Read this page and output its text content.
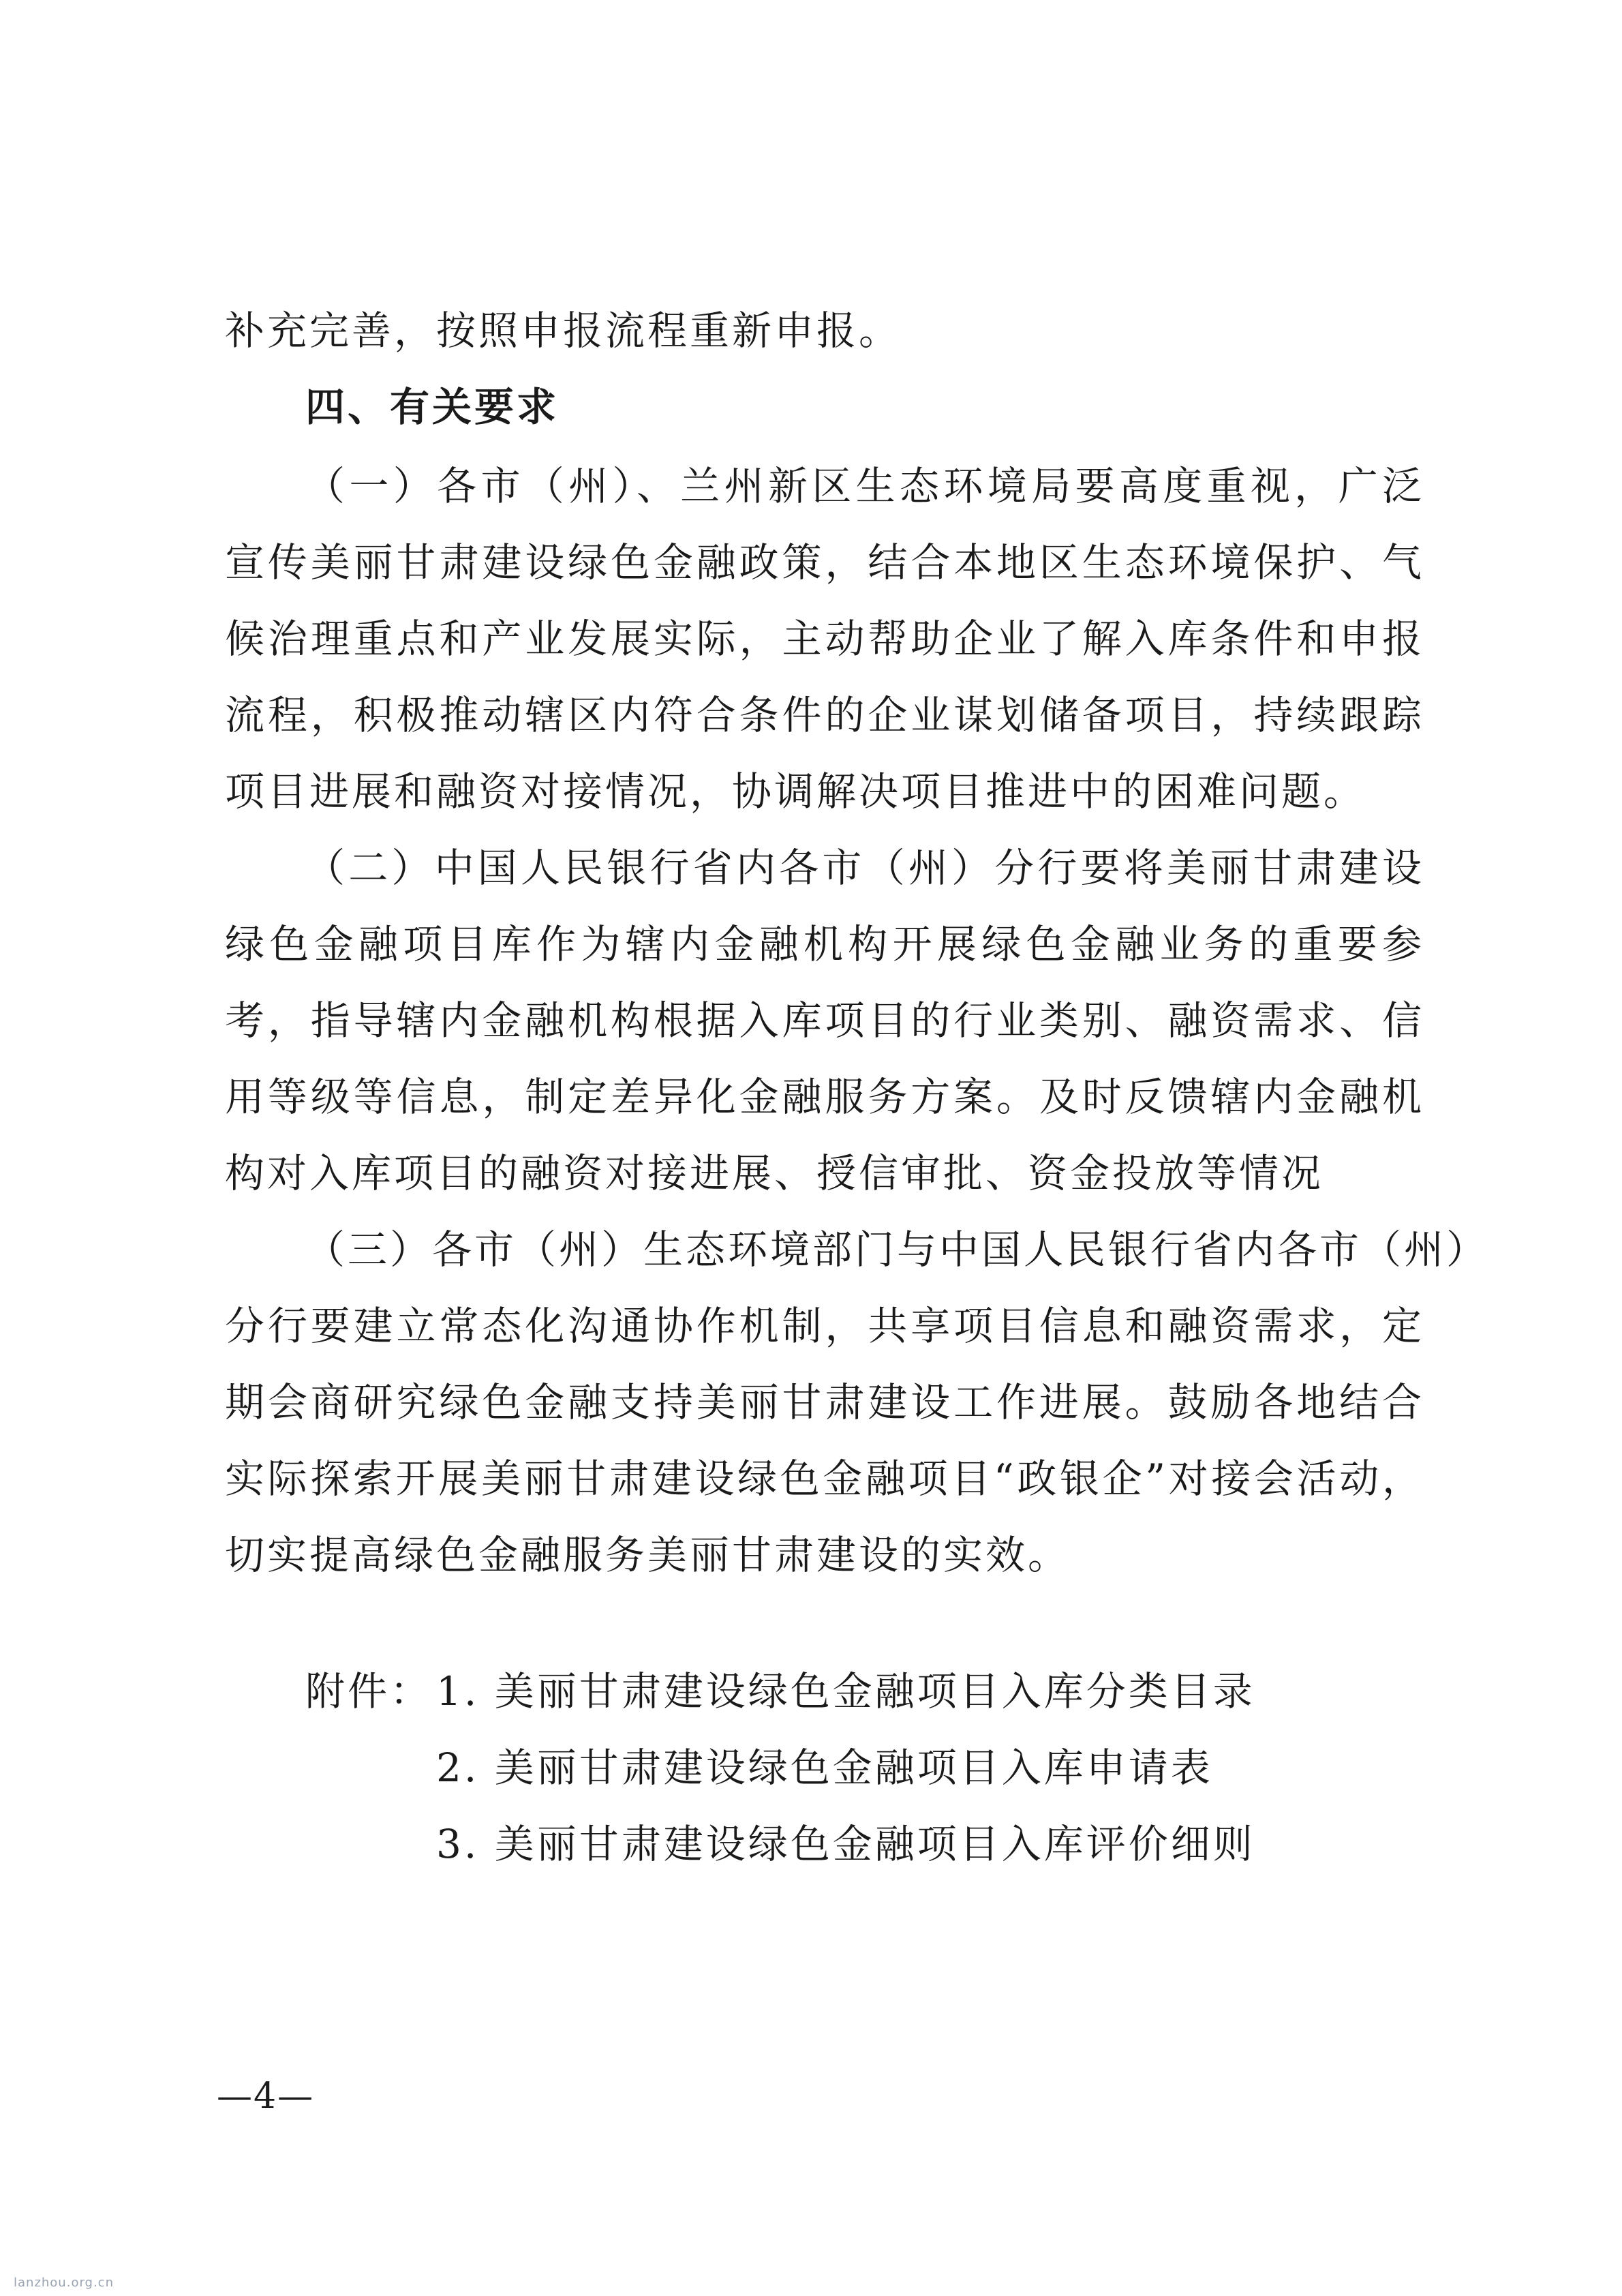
补充完善，按照申报流程重新申报。
四、有关要求
（一）各市（州）、兰州新区生态环境局要高度重视，广泛
宣传美丽甘肃建设绿色金融政策，结合本地区生态环境保护、气
候治理重点和产业发展实际，主动帮助企业了解入库条件和申报
流程，积极推动辖区内符合条件的企业谋划储备项目，持续跟踪
项目进展和融资对接情况，协调解决项目推进中的困难问题。
（二）中国人民银行省内各市（州）分行要将美丽甘肃建设
绿色金融项目库作为辖内金融机构开展绿色金融业务的重要参
考，指导辖内金融机构根据入库项目的行业类别、融资需求、信
用等级等信息，制定差异化金融服务方案。及时反馈辖内金融机
构对入库项目的融资对接进展、授信审批、资金投放等情况
（三）各市（州）生态环境部门与中国人民银行省内各市（州）
分行要建立常态化沟通协作机制，共享项目信息和融资需求，定
期会商研究绿色金融支持美丽甘肃建设工作进展。鼓励各地结合
实际探索开展美丽甘肃建设绿色金融项目“政银企”对接会活动，
切实提高绿色金融服务美丽甘肃建设的实效。
附件： 1. 美丽甘肃建设绿色金融项目入库分类目录
2. 美丽甘肃建设绿色金融项目入库申请表
3. 美丽甘肃建设绿色金融项目入库评价细则
—4—
lanzhou.org.cn
